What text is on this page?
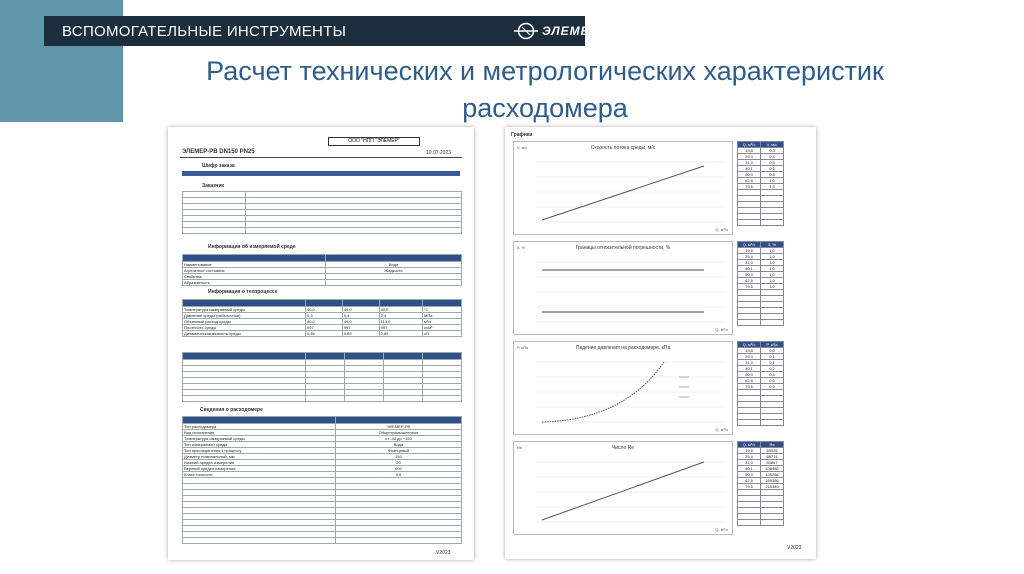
ВСПОМОГАТЕЛЬНЫЕ ИНСТРУМЕНТЫ	ЭЛЕМЕР
Расчет технических и метрологических характеристик
расходомера
ООО "НПП "ЭЛЕМЕР"
ЭЛЕМЕР-РВ DN150 PN25	10.07.2023
Шифр заказа
Заказчик

Информация об измеряемой среде

Наименование	Вода
Агрегатное состояние	Жидкость
Свойства	
Абразивность	
Информация о техпроцессе

Температура измеряемой среды	40,0	40,0	40,0	°C
Давление среды (избыточное)	0,3	0,4	0,4	МПа
Объемный расход среды	40,0	40,0	113,0	м³/ч
Плотность среды	997	997	997	кг/м³
Динамическая вязкость среды	0,89	0,89	0,89	сП

Сведения о расходомере

Тип расходомера	ЭЛЕМЕР-РВ
Вид исполнения	Общепромышленное
Температура измеряемой среды	от -40 до +150
Тип измеряемой среды	Вода
Тип присоединения к процессу	Фланцевый
Диаметр номинальный, мм	150
Нижний предел измерения	20
Верхний предел измерения	600
Класс точности	0,5

V2023
Графики
Скорость потока среды, м/с
V, м/с
Q, м³/ч
Q, м³/ч	V, м/с
19,6	0,3
25,4	0,4
31,0	0,5
40,1	0,6
50,0	0,8
62,6	1,0
79,6	1,3

Границы относительной погрешности, %
δ, %
Q, м³/ч
Q, м³/ч	δ, %
19,6	1,0
25,4	1,0
31,0	1,0
40,1	1,0
50,0	1,0
62,6	1,0
79,6	1,0

Падение давления на расходомере, кПа
P, кПа
Q, м³/ч
Q, м³/ч	P, кПа
19,6	0,0
25,4	0,1
31,0	0,1
40,1	0,2
50,0	0,4
62,6	0,6
79,6	0,9

Число Re
Re
Q, м³/ч
Q, м³/ч	Re
19,6	53025
25,4	68714
31,0	83867
40,1	108485
50,0	135268
62,6	169356
79,6	215349

V2023
